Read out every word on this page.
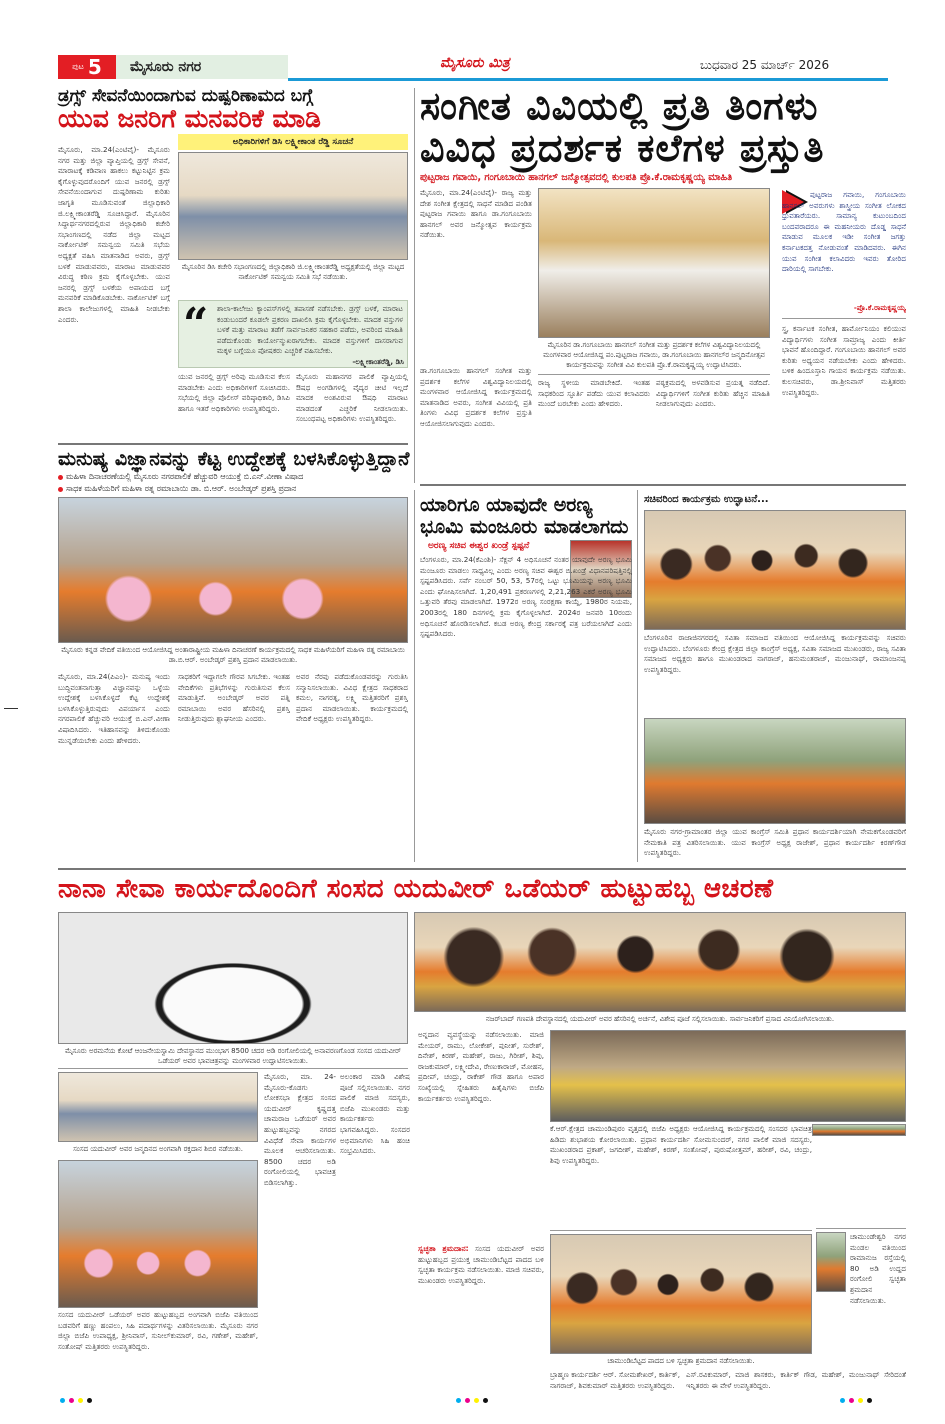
ಪುಟ 5	ಮೈಸೂರು ನಗರ	ಮೈಸೂರು ಮಿತ್ರ	ಬುಧವಾರ 25 ಮಾರ್ಚ್ 2026
ಡ್ರಗ್ಸ್ ಸೇವನೆಯಿಂದಾಗುವ ದುಷ್ಪರಿಣಾಮದ ಬಗ್ಗೆ
ಯುವ ಜನರಿಗೆ ಮನವರಿಕೆ ಮಾಡಿ
ಮೈಸೂರು, ಮಾ.24(ಎಂಟಿವೈ)- ಮೈಸೂರು ನಗರ ಮತ್ತು ಜಿಲ್ಲಾ ವ್ಯಾಪ್ತಿಯಲ್ಲಿ ಡ್ರಗ್ಸ್ ಸೇವನೆ, ಮಾರಾಟಕ್ಕೆ ಕಡಿವಾಣ ಹಾಕಲು ಕಟ್ಟುನಿಟ್ಟಿನ ಕ್ರಮ ಕೈಗೊಳ್ಳುವುದರೊಂದಿಗೆ ಯುವ ಜನರಲ್ಲಿ ಡ್ರಗ್ಸ್ ಸೇವನೆಯಿಂದಾಗುವ ದುಷ್ಪರಿಣಾಮ ಕುರಿತು ಜಾಗೃತಿ ಮೂಡಿಸುವಂತೆ ಜಿಲ್ಲಾಧಿಕಾರಿ ಜಿ.ಲಕ್ಷ್ಮೀಕಾಂತರೆಡ್ಡಿ ಸೂಚಿಸಿದ್ದಾರೆ. ಮೈಸೂರಿನ ಸಿದ್ಧಾರ್ಥನಗರದಲ್ಲಿರುವ ಜಿಲ್ಲಾಧಿಕಾರಿ ಕಚೇರಿ ಸಭಾಂಗಣದಲ್ಲಿ ನಡೆದ ಜಿಲ್ಲಾ ಮಟ್ಟದ ನಾರ್ಕೋಟಿಕ್ ಸಮನ್ವಯ ಸಮಿತಿ ಸಭೆಯ ಅಧ್ಯಕ್ಷತೆ ವಹಿಸಿ ಮಾತನಾಡಿದ ಅವರು, ಡ್ರಗ್ಸ್ ಬಳಕೆ ಮಾಡುವವರು, ಮಾರಾಟ ಮಾಡುವವರ ವಿರುದ್ಧ ಕಠಿಣ ಕ್ರಮ ಕೈಗೊಳ್ಳಬೇಕು. ಯುವ ಜನರಲ್ಲಿ ಡ್ರಗ್ಸ್ ಬಳಕೆಯ ಅಪಾಯದ ಬಗ್ಗೆ ಮನವರಿಕೆ ಮಾಡಿಕೊಡಬೇಕು. ನಾರ್ಕೋಟಿಕ್ ಬಗ್ಗೆ ಶಾಲಾ ಕಾಲೇಜುಗಳಲ್ಲಿ ಮಾಹಿತಿ ನೀಡಬೇಕು ಎಂದರು.
ಅಧಿಕಾರಿಗಳಿಗೆ ಡಿಸಿ ಲಕ್ಷ್ಮೀಕಾಂತ ರೆಡ್ಡಿ ಸೂಚನೆ
ಮೈಸೂರಿನ ಡಿಸಿ ಕಚೇರಿ ಸಭಾಂಗಣದಲ್ಲಿ ಜಿಲ್ಲಾಧಿಕಾರಿ ಜಿ.ಲಕ್ಷ್ಮೀಕಾಂತರೆಡ್ಡಿ ಅಧ್ಯಕ್ಷತೆಯಲ್ಲಿ ಜಿಲ್ಲಾ ಮಟ್ಟದ ನಾರ್ಕೋಟಿಕ್ ಸಮನ್ವಯ ಸಮಿತಿ ಸಭೆ ನಡೆಯಿತು.
“ ಶಾಲಾ-ಕಾಲೇಜು ಕ್ಯಾಂಪಸ್‌ಗಳಲ್ಲಿ ತಪಾಸಣೆ ನಡೆಸಬೇಕು. ಡ್ರಗ್ಸ್ ಬಳಕೆ, ಮಾರಾಟ ಕಂಡುಬಂದರೆ ಕೂಡಲೇ ಪ್ರಕರಣ ದಾಖಲಿಸಿ ಕ್ರಮ ಕೈಗೊಳ್ಳಬೇಕು. ಮಾದಕ ವಸ್ತುಗಳ ಬಳಕೆ ಮತ್ತು ಮಾರಾಟ ತಡೆಗೆ ಸಾರ್ವಜನಿಕರ ಸಹಕಾರ ಪಡೆದು, ಅವರಿಂದ ಮಾಹಿತಿ ಪಡೆದುಕೊಂಡು ಕಾರ್ಯೋನ್ಮುಖರಾಗಬೇಕು. ಮಾದಕ ವಸ್ತುಗಳಿಗೆ ದಾಸರಾಗುವ ಮಕ್ಕಳ ಬಗ್ಗೆಯೂ ಪೋಷಕರು ಎಚ್ಚರಿಕೆ ವಹಿಸಬೇಕು.
-ಲಕ್ಷ್ಮೀಕಾಂತರೆಡ್ಡಿ, ಡಿಸಿ
ಯುವ ಜನರಲ್ಲಿ ಡ್ರಗ್ಸ್ ಅರಿವು ಮೂಡಿಸುವ ಕೆಲಸ ಮಾಡಬೇಕು ಎಂದು ಅಧಿಕಾರಿಗಳಿಗೆ ಸೂಚಿಸಿದರು. ಸಭೆಯಲ್ಲಿ ಜಿಲ್ಲಾ ಪೊಲೀಸ್ ವರಿಷ್ಠಾಧಿಕಾರಿ, ಡಿಸಿಪಿ ಹಾಗೂ ಇತರೆ ಅಧಿಕಾರಿಗಳು ಉಪಸ್ಥಿತರಿದ್ದರು.
ಮೈಸೂರು ಮಹಾನಗರ ಪಾಲಿಕೆ ವ್ಯಾಪ್ತಿಯಲ್ಲಿ ಔಷಧ ಅಂಗಡಿಗಳಲ್ಲಿ ವೈದ್ಯರ ಚೀಟಿ ಇಲ್ಲದೆ ಮಾದಕ ಅಂಶವಿರುವ ಔಷಧಿ ಮಾರಾಟ ಮಾಡದಂತೆ ಎಚ್ಚರಿಕೆ ನೀಡಲಾಯಿತು. ಸಂಬಂಧಪಟ್ಟ ಅಧಿಕಾರಿಗಳು ಉಪಸ್ಥಿತರಿದ್ದರು.
ಸಂಗೀತ ವಿವಿಯಲ್ಲಿ ಪ್ರತಿ ತಿಂಗಳು
ವಿವಿಧ ಪ್ರದರ್ಶಕ ಕಲೆಗಳ ಪ್ರಸ್ತುತಿ
ಪುಟ್ಟರಾಜ ಗವಾಯಿ, ಗಂಗೂಬಾಯಿ ಹಾನಗಲ್ ಜನ್ಮೋತ್ಸವದಲ್ಲಿ ಕುಲಪತಿ ಪ್ರೊ.ಕೆ.ರಾಮಕೃಷ್ಣಯ್ಯ ಮಾಹಿತಿ
ಮೈಸೂರು, ಮಾ.24(ಎಂಟಿವೈ)- ರಾಜ್ಯ ಮತ್ತು ದೇಶ ಸಂಗೀತ ಕ್ಷೇತ್ರದಲ್ಲಿ ಸಾಧನೆ ಮಾಡಿದ ಪಂಡಿತ ಪುಟ್ಟರಾಜ ಗವಾಯಿ ಹಾಗೂ ಡಾ.ಗಂಗೂಬಾಯಿ ಹಾನಗಲ್ ಅವರ ಜನ್ಮೋತ್ಸವ ಕಾರ್ಯಕ್ರಮ ನಡೆಯಿತು.
ಮೈಸೂರಿನ ಡಾ.ಗಂಗೂಬಾಯಿ ಹಾನಗಲ್ ಸಂಗೀತ ಮತ್ತು ಪ್ರದರ್ಶಕ ಕಲೆಗಳ ವಿಶ್ವವಿದ್ಯಾನಿಲಯದಲ್ಲಿ ಮಂಗಳವಾರ ಆಯೋಜಿಸಿದ್ದ ಪಂ.ಪುಟ್ಟರಾಜ ಗವಾಯಿ, ಡಾ.ಗಂಗೂಬಾಯಿ ಹಾನಗಲ್‌ರ ಜನ್ಮದಿನೋತ್ಸವ ಕಾರ್ಯಕ್ರಮವನ್ನು ಸಂಗೀತ ವಿವಿ ಕುಲಪತಿ ಪ್ರೊ.ಕೆ.ರಾಮಕೃಷ್ಣಯ್ಯ ಉದ್ಘಾಟಿಸಿದರು.
ಡಾ.ಗಂಗೂಬಾಯಿ ಹಾನಗಲ್ ಸಂಗೀತ ಮತ್ತು ಪ್ರದರ್ಶಕ ಕಲೆಗಳ ವಿಶ್ವವಿದ್ಯಾನಿಲಯದಲ್ಲಿ ಮಂಗಳವಾರ ಆಯೋಜಿಸಿದ್ದ ಕಾರ್ಯಕ್ರಮದಲ್ಲಿ ಮಾತನಾಡಿದ ಅವರು, ಸಂಗೀತ ವಿವಿಯಲ್ಲಿ ಪ್ರತಿ ತಿಂಗಳು ವಿವಿಧ ಪ್ರದರ್ಶಕ ಕಲೆಗಳ ಪ್ರಸ್ತುತಿ ಆಯೋಜಿಸಲಾಗುವುದು ಎಂದರು.
ರಾಜ್ಯ ಸ್ಥಳೀಯ ಮಾಡಬೇಕಿದೆ. ಇಂತಹ ಸಾಧಕರಿಂದ ಸ್ಫೂರ್ತಿ ಪಡೆದು ಯುವ ಕಲಾವಿದರು ಮುಂದೆ ಬರಬೇಕು ಎಂದು ಹೇಳಿದರು.
ಪಠ್ಯಕ್ರಮದಲ್ಲಿ ಅಳವಡಿಸುವ ಪ್ರಯತ್ನ ನಡೆದಿದೆ. ವಿದ್ಯಾರ್ಥಿಗಳಿಗೆ ಸಂಗೀತ ಕುರಿತು ಹೆಚ್ಚಿನ ಮಾಹಿತಿ ನೀಡಲಾಗುವುದು ಎಂದರು.
ಪುಟ್ಟರಾಜ ಗವಾಯಿ, ಗಂಗೂಬಾಯಿ ಹಾನಗಲ್ ಅವರುಗಳು ಶಾಸ್ತ್ರೀಯ ಸಂಗೀತ ಲೋಕದ ಧ್ರುವತಾರೆಯರು. ಸಾಮಾನ್ಯ ಕುಟುಂಬದಿಂದ ಬಂದವರಾದರೂ ಈ ಮಹನೀಯರು ದೊಡ್ಡ ಸಾಧನೆ ಮಾಡುವ ಮೂಲಕ ಇಡೀ ಸಂಗೀತ ಜಗತ್ತು ಕರ್ನಾಟಕದತ್ತ ನೋಡುವಂತೆ ಮಾಡಿದವರು. ಈಗಿನ ಯುವ ಸಂಗೀತ ಕಲಾವಿದರು ಇವರು ತೋರಿದ ದಾರಿಯಲ್ಲಿ ಸಾಗಬೇಕು.
-ಪ್ರೊ.ಕೆ.ರಾಮಕೃಷ್ಣಯ್ಯ
ಸ್ತ್ರ, ಕರ್ನಾಟಕ ಸಂಗೀತ, ಹಾರ್ಮೋನಿಯಂ ಕಲಿಯುವ ವಿದ್ಯಾರ್ಥಿಗಳು ಸಂಗೀತ ಸಾಮ್ರಾಜ್ಯ ಎಂದು ಕೀರ್ತಿ ಭಾವನೆ ಹೊಂದಿದ್ದಾರೆ. ಗಂಗೂಬಾಯಿ ಹಾನಗಲ್ ಅವರ ಕುರಿತು ಅಧ್ಯಯನ ನಡೆಯಬೇಕು ಎಂದು ಹೇಳಿದರು. ಬಳಿಕ ಹಿಂದೂಸ್ತಾನಿ ಗಾಯನ ಕಾರ್ಯಕ್ರಮ ನಡೆಯಿತು. ಕುಲಸಚಿವರು, ಡಾ.ಶ್ರೀನಿವಾಸ್ ಮತ್ತಿತರರು ಉಪಸ್ಥಿತರಿದ್ದರು.
ಮನುಷ್ಯ ವಿಜ್ಞಾನವನ್ನು ಕೆಟ್ಟ ಉದ್ದೇಶಕ್ಕೆ ಬಳಸಿಕೊಳ್ಳುತ್ತಿದ್ದಾನೆ
ಮಹಿಳಾ ದಿನಾಚರಣೆಯಲ್ಲಿ ಮೈಸೂರು ನಗರಪಾಲಿಕೆ ಹೆಚ್ಚುವರಿ ಆಯುಕ್ತೆ ಬಿ.ಎನ್.ವೀಣಾ ವಿಷಾದ
ಸಾಧಕ ಮಹಿಳೆಯರಿಗೆ ಮಹಿಳಾ ರತ್ನ ರಮಾಬಾಯಿ ಡಾ. ಬಿ.ಆರ್. ಅಂಬೇಡ್ಕರ್ ಪ್ರಶಸ್ತಿ ಪ್ರದಾನ
ಮೈಸೂರು ಕನ್ನಡ ವೇದಿಕೆ ವತಿಯಿಂದ ಆಯೋಜಿಸಿದ್ದ ಅಂತಾರಾಷ್ಟ್ರೀಯ ಮಹಿಳಾ ದಿನಾಚರಣೆ ಕಾರ್ಯಕ್ರಮದಲ್ಲಿ ಸಾಧಕ ಮಹಿಳೆಯರಿಗೆ ಮಹಿಳಾ ರತ್ನ ರಮಾಬಾಯಿ ಡಾ.ಬಿ.ಆರ್. ಅಂಬೇಡ್ಕರ್ ಪ್ರಶಸ್ತಿ ಪ್ರದಾನ ಮಾಡಲಾಯಿತು.
ಮೈಸೂರು, ಮಾ.24(ಪಿಎಂ)- ಮನುಷ್ಯ ಇಂದು ಬುದ್ಧಿವಂತನಾಗುತ್ತಾ ವಿಜ್ಞಾನವನ್ನು ಒಳ್ಳೆಯ ಉದ್ದೇಶಕ್ಕೆ ಬಳಸಿಕೊಳ್ಳದೆ ಕೆಟ್ಟ ಉದ್ದೇಶಕ್ಕೆ ಬಳಸಿಕೊಳ್ಳುತ್ತಿರುವುದು ವಿಪರ್ಯಾಸ ಎಂದು ನಗರಪಾಲಿಕೆ ಹೆಚ್ಚುವರಿ ಆಯುಕ್ತೆ ಬಿ.ಎನ್.ವೀಣಾ ವಿಷಾದಿಸಿದರು. ಇತಿಹಾಸವನ್ನು ತಿಳಿದುಕೊಂಡು ಮುನ್ನಡೆಯಬೇಕು ಎಂದು ಹೇಳಿದರು.
ಸಾಧಕರಿಗೆ ಇದ್ದಾಗಲೇ ಗೌರವ ಸಿಗಬೇಕು. ಇಂತಹ ವೇದಿಕೆಗಳು ಪ್ರತಿಭೆಗಳನ್ನು ಗುರುತಿಸುವ ಕೆಲಸ ಮಾಡುತ್ತಿವೆ. ಅಂಬೇಡ್ಕರ್ ಅವರ ಪತ್ನಿ ರಮಾಬಾಯಿ ಅವರ ಹೆಸರಿನಲ್ಲಿ ಪ್ರಶಸ್ತಿ ನೀಡುತ್ತಿರುವುದು ಶ್ಲಾಘನೀಯ ಎಂದರು.
ಅವರ ನೆರವು ಪಡೆದುಕೊಂಡವರನ್ನು ಗುರುತಿಸಿ ಸನ್ಮಾನಿಸಲಾಯಿತು. ವಿವಿಧ ಕ್ಷೇತ್ರದ ಸಾಧಕರಾದ ಕಮಲ, ನಾಗರತ್ನ, ಲಕ್ಷ್ಮಿ ಮತ್ತಿತರರಿಗೆ ಪ್ರಶಸ್ತಿ ಪ್ರದಾನ ಮಾಡಲಾಯಿತು. ಕಾರ್ಯಕ್ರಮದಲ್ಲಿ ವೇದಿಕೆ ಅಧ್ಯಕ್ಷರು ಉಪಸ್ಥಿತರಿದ್ದರು.
ಯಾರಿಗೂ ಯಾವುದೇ ಅರಣ್ಯ
ಭೂಮಿ ಮಂಜೂರು ಮಾಡಲಾಗದು
ಅರಣ್ಯ ಸಚಿವ ಈಶ್ವರ ಖಂಡ್ರೆ ಸ್ಪಷ್ಟನೆ
ಬೆಂಗಳೂರು, ಮಾ.24(ಕೆಎಂಶಿ)- ಸೆಕ್ಷನ್ 4 ಅಧಿಸೂಚನೆ ನಂತರ ಯಾವುದೇ ಅರಣ್ಯ ಭೂಮಿ ಮಂಜೂರು ಮಾಡಲು ಸಾಧ್ಯವಿಲ್ಲ ಎಂದು ಅರಣ್ಯ ಸಚಿವ ಈಶ್ವರ ಬಿ.ಖಂಡ್ರೆ ವಿಧಾನಪರಿಷತ್ತಿನಲ್ಲಿ ಸ್ಪಷ್ಟಪಡಿಸಿದರು. ಸರ್ವೆ ನಂಬರ್ 50, 53, 57ರಲ್ಲಿ ಒಟ್ಟು ಭೂಮಿಯನ್ನು ಅರಣ್ಯ ಭೂಮಿ ಎಂದು ಘೋಷಿಸಲಾಗಿದೆ. 1,20,491 ಪ್ರಕರಣಗಳಲ್ಲಿ 2,21,263 ಎಕರೆ ಅರಣ್ಯ ಭೂಮಿ ಒತ್ತುವರಿ ತೆರವು ಮಾಡಲಾಗಿದೆ. 1972ರ ಅರಣ್ಯ ಸಂರಕ್ಷಣಾ ಕಾಯ್ದೆ, 1980ರ ನಿಯಮ, 2003ರಲ್ಲಿ 180 ದಿನಗಳಲ್ಲಿ ಕ್ರಮ ಕೈಗೊಳ್ಳಲಾಗಿದೆ. 2024ರ ಜನವರಿ 10ರಂದು ಅಧಿಸೂಚನೆ ಹೊರಡಿಸಲಾಗಿದೆ. ಕಬಡ ಅರಣ್ಯ ಕೇಂದ್ರ ಸರ್ಕಾರಕ್ಕೆ ಪತ್ರ ಬರೆಯಲಾಗಿದೆ ಎಂದು ಸ್ಪಷ್ಟಪಡಿಸಿದರು.
ಸಚಿವರಿಂದ ಕಾರ್ಯಕ್ರಮ ಉದ್ಘಾಟನೆ...
ಬೆಂಗಳೂರಿನ ರಾಜಾಜಿನಗರದಲ್ಲಿ ಸವಿತಾ ಸಮಾಜದ ವತಿಯಿಂದ ಆಯೋಜಿಸಿದ್ದ ಕಾರ್ಯಕ್ರಮವನ್ನು ಸಚಿವರು ಉದ್ಘಾಟಿಸಿದರು. ಬೆಂಗಳೂರು ಕೇಂದ್ರ ಕ್ಷೇತ್ರದ ಜಿಲ್ಲಾ ಕಾಂಗ್ರೆಸ್ ಅಧ್ಯಕ್ಷ, ಸವಿತಾ ಸಮಾಜದ ಮುಖಂಡರು, ರಾಜ್ಯ ಸವಿತಾ ಸಮಾಜದ ಅಧ್ಯಕ್ಷರು ಹಾಗೂ ಮುಖಂಡರಾದ ನಾಗರಾಜ್, ಹನುಮಂತರಾಜ್, ಮಂಜುನಾಥ್, ರಾಮಾಂಜನಪ್ಪ ಉಪಸ್ಥಿತರಿದ್ದರು.
ಮೈಸೂರು ನಗರ-ಗ್ರಾಮಾಂತರ ಜಿಲ್ಲಾ ಯುವ ಕಾಂಗ್ರೆಸ್ ಸಮಿತಿ ಪ್ರಧಾನ ಕಾರ್ಯದರ್ಶಿಯಾಗಿ ನೇಮಕಗೊಂಡವರಿಗೆ ನೇಮಕಾತಿ ಪತ್ರ ವಿತರಿಸಲಾಯಿತು. ಯುವ ಕಾಂಗ್ರೆಸ್ ಅಧ್ಯಕ್ಷ ರಾಜೇಶ್, ಪ್ರಧಾನ ಕಾರ್ಯದರ್ಶಿ ಕಿರಣ್‌ಗೌಡ ಉಪಸ್ಥಿತರಿದ್ದರು.
ನಾನಾ ಸೇವಾ ಕಾರ್ಯದೊಂದಿಗೆ ಸಂಸದ ಯದುವೀರ್ ಒಡೆಯರ್ ಹುಟ್ಟುಹಬ್ಬ ಆಚರಣೆ
ಮೈಸೂರು ಅರಮನೆಯ ಕೋಟೆ ಆಂಜನೇಯಸ್ವಾಮಿ ದೇವಸ್ಥಾನದ ಮುಂಭಾಗ 8500 ಚದರ ಅಡಿ ರಂಗೋಲಿಯಲ್ಲಿ ಅನಾವರಣಗೊಂಡ ಸಂಸದ ಯದುವೀರ್ ಒಡೆಯರ್ ಅವರ ಭಾವಚಿತ್ರವನ್ನು ಮಂಗಳವಾರ ಉದ್ಘಾಟಿಸಲಾಯಿತು.
ನಜರ್‌ಬಾದ್ ಗಣಪತಿ ದೇವಸ್ಥಾನದಲ್ಲಿ ಯದುವೀರ್ ಅವರ ಹೆಸರಿನಲ್ಲಿ ಅರ್ಚನೆ, ವಿಶೇಷ ಪೂಜೆ ಸಲ್ಲಿಸಲಾಯಿತು. ಸಾರ್ವಜನಿಕರಿಗೆ ಪ್ರಸಾದ ವಿನಿಯೋಗಿಸಲಾಯಿತು.
ಸಂಸದ ಯದುವೀರ್ ಅವರ ಜನ್ಮದಿನದ ಅಂಗವಾಗಿ ರಕ್ತದಾನ ಶಿಬಿರ ನಡೆಯಿತು.
ಸಂಸದ ಯದುವೀರ್ ಒಡೆಯರ್ ಅವರ ಹುಟ್ಟುಹಬ್ಬದ ಅಂಗವಾಗಿ ಬಿಜೆಪಿ ವತಿಯಿಂದ ಬಡವರಿಗೆ ಹಣ್ಣು ಹಂಪಲು, ಸಿಹಿ ಪದಾರ್ಥಗಳನ್ನು ವಿತರಿಸಲಾಯಿತು. ಮೈಸೂರು ನಗರ ಜಿಲ್ಲಾ ಬಿಜೆಪಿ ಉಪಾಧ್ಯಕ್ಷ, ಶ್ರೀನಿವಾಸ್, ಸುನೀಲ್‌ಕುಮಾರ್, ರವಿ, ಗಣೇಶ್, ಮಹೇಶ್, ಸಂತೋಷ್ ಮತ್ತಿತರರು ಉಪಸ್ಥಿತರಿದ್ದರು.
ಮೈಸೂರು, ಮಾ. 24- ಮೈಸೂರು-ಕೊಡಗು ಲೋಕಸಭಾ ಕ್ಷೇತ್ರದ ಸಂಸದ ಯದುವೀರ್ ಕೃಷ್ಣದತ್ತ ಚಾಮರಾಜ ಒಡೆಯರ್ ಅವರ ಹುಟ್ಟುಹಬ್ಬವನ್ನು ನಗರದ ವಿವಿಧೆಡೆ ಸೇವಾ ಕಾರ್ಯಗಳ ಮೂಲಕ ಆಚರಿಸಲಾಯಿತು. 8500 ಚದರ ಅಡಿ ರಂಗೋಲಿಯಲ್ಲಿ ಭಾವಚಿತ್ರ ಬಿಡಿಸಲಾಗಿತ್ತು.
ಅಲಂಕಾರ ಮಾಡಿ ವಿಶೇಷ ಪೂಜೆ ಸಲ್ಲಿಸಲಾಯಿತು. ನಗರ ಪಾಲಿಕೆ ಮಾಜಿ ಸದಸ್ಯರು, ಬಿಜೆಪಿ ಮುಖಂಡರು ಮತ್ತು ಕಾರ್ಯಕರ್ತರು ಭಾಗವಹಿಸಿದ್ದರು. ಸಂಸದರ ಅಭಿಮಾನಿಗಳು ಸಿಹಿ ಹಂಚಿ ಸಂಭ್ರಮಿಸಿದರು.
ಅನ್ನದಾನ ವ್ಯವಸ್ಥೆಯನ್ನು ನಡೆಸಲಾಯಿತು. ಮಾಜಿ ಮೇಯರ್, ರಾಮು, ಲೋಕೇಶ್, ಪುನೀತ್, ಸುರೇಶ್, ದಿನೇಶ್, ಕಿರಣ್, ಮಹೇಶ್, ರಾಜು, ಗಿರೀಶ್, ಶಿವು, ರಾಜಕುಮಾರ್, ಲಕ್ಷ್ಮೀದೇವಿ, ರೇಣುಕಾರಾಜ್, ಮೋಹನ, ಪ್ರದೀಪ್, ಚಂದ್ರು, ರಾಕೇಶ್ ಗೌಡ ಹಾಗೂ ಅಪಾರ ಸಂಖ್ಯೆಯಲ್ಲಿ ಸ್ನೇಹಿತರು ಹಿತೈಷಿಗಳು ಬಿಜೆಪಿ ಕಾರ್ಯಕರ್ತರು ಉಪಸ್ಥಿತರಿದ್ದರು.
ಸ್ವಚ್ಛತಾ ಶ್ರಮದಾನ: ಸಂಸದ ಯದುವೀರ್ ಅವರ ಹುಟ್ಟುಹಬ್ಬದ ಪ್ರಯುಕ್ತ ಚಾಮುಂಡಿಬೆಟ್ಟದ ಪಾದದ ಬಳಿ ಸ್ವಚ್ಛತಾ ಕಾರ್ಯಕ್ರಮ ನಡೆಸಲಾಯಿತು. ಮಾಜಿ ಸಚಿವರು, ಮುಖಂಡರು ಉಪಸ್ಥಿತರಿದ್ದರು.
ಕೆ.ಆರ್.ಕ್ಷೇತ್ರದ ಚಾಮುಂಡಿಪುರಂ ವೃತ್ತದಲ್ಲಿ ಬಿಜೆಪಿ ಅಧ್ಯಕ್ಷರು ಆಯೋಜಿಸಿದ್ದ ಕಾರ್ಯಕ್ರಮದಲ್ಲಿ ಸಂಸದರ ಭಾವಚಿತ್ರ ಹಿಡಿದು ಶುಭಾಶಯ ಕೋರಲಾಯಿತು. ಪ್ರಧಾನ ಕಾರ್ಯದರ್ಶಿ ಸೋಮಸುಂದರ್, ನಗರ ಪಾಲಿಕೆ ಮಾಜಿ ಸದಸ್ಯರು, ಮುಖಂಡರಾದ ಪ್ರಕಾಶ್, ಜಗದೀಶ್, ಮಹೇಶ್, ಕಿರಣ್, ಸಂತೋಷ್, ಪುರುಷೋತ್ತಮ್, ಹರೀಶ್, ರವಿ, ಚಂದ್ರು, ಶಿವು ಉಪಸ್ಥಿತರಿದ್ದರು.
ಚಾಮುಂಡಿಬೆಟ್ಟದ ಪಾದದ ಬಳಿ ಸ್ವಚ್ಛತಾ ಶ್ರಮದಾನ ನಡೆಸಲಾಯಿತು.
ಚಾಮುಂಡೇಶ್ವರಿ ನಗರ ಮಂಡಲ ವತಿಯಿಂದ ರಾಮಾನುಜ ರಸ್ತೆಯಲ್ಲಿ 80 ಅಡಿ ಉದ್ದದ ರಂಗೋಲಿ ಸ್ವಚ್ಛತಾ ಶ್ರಮದಾನ ನಡೆಸಲಾಯಿತು.
ಬ್ರಾಹ್ಮಣ ಕಾರ್ಯದರ್ಶಿ ಆರ್. ಸೋಮಶೇಖರ್, ಕಾರ್ತಿಕ್, ನಾಗರಾಜ್, ಶಿವಕುಮಾರ್ ಮತ್ತಿತರರು ಉಪಸ್ಥಿತರಿದ್ದರು.
ಎಸ್.ರವಿಕುಮಾರ್, ಮಾಜಿ ಶಾಸಕರು, ಕಾರ್ತಿಕ್ ಗೌಡ, ಮಹೇಶ್, ಮಂಜುನಾಥ್ ಸೇರಿದಂತೆ ಇನ್ನಿತರರು ಈ ವೇಳೆ ಉಪಸ್ಥಿತರಿದ್ದರು.
